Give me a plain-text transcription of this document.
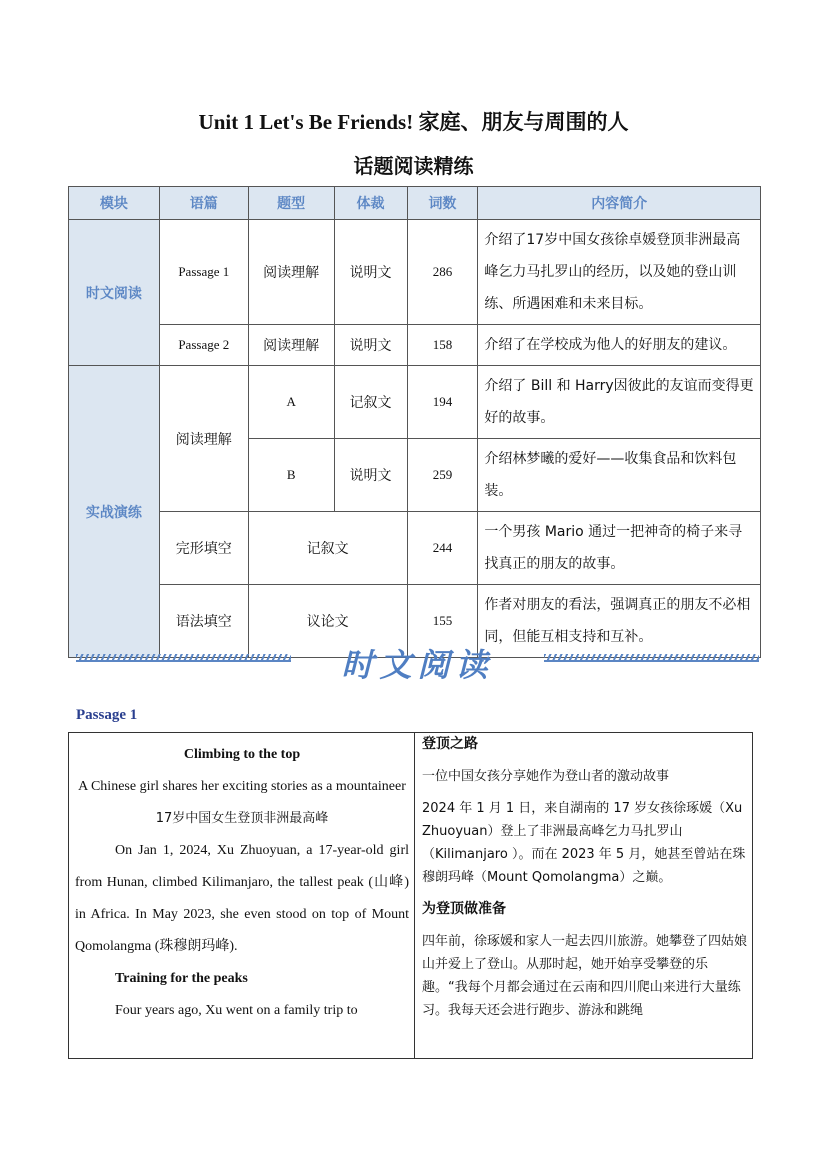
Unit 1 Let's Be Friends! 家庭、朋友与周围的人
话题阅读精练
模块	语篇	题型	体裁	词数	内容简介
时文阅读	Passage 1	阅读理解	说明文	286	介绍了17岁中国女孩徐卓媛登顶非洲最高峰乞力马扎罗山的经历，以及她的登山训练、所遇困难和未来目标。
	Passage 2	阅读理解	说明文	158	介绍了在学校成为他人的好朋友的建议。
实战演练	阅读理解	A	记叙文	194	介绍了 Bill 和 Harry因彼此的友谊而变得更好的故事。
		B	说明文	259	介绍林梦曦的爱好——收集食品和饮料包装。
	完形填空	记叙文		244	一个男孩 Mario 通过一把神奇的椅子来寻找真正的朋友的故事。
	语法填空	议论文		155	作者对朋友的看法，强调真正的朋友不必相同，但能互相支持和互补。
时文阅读
Passage 1
Climbing to the top
A Chinese girl shares her exciting stories as a mountaineer
17岁中国女生登顶非洲最高峰
On Jan 1, 2024, Xu Zhuoyuan, a 17-year-old girl from Hunan, climbed Kilimanjaro, the tallest peak (山峰) in Africa. In May 2023, she even stood on top of Mount Qomolangma (珠穆朗玛峰).
Training for the peaks
Four years ago, Xu went on a family trip to

登顶之路

一位中国女孩分享她作为登山者的激动故事

2024 年 1 月 1 日，来自湖南的 17 岁女孩徐琢媛（Xu Zhuoyuan）登上了非洲最高峰乞力马扎罗山（Kilimanjaro ）。而在 2023 年 5 月，她甚至曾站在珠穆朗玛峰（Mount Qomolangma）之巅。

为登顶做准备

四年前，徐琢媛和家人一起去四川旅游。她攀登了四姑娘山并爱上了登山。从那时起，她开始享受攀登的乐趣。“我每个月都会通过在云南和四川爬山来进行大量练习。我每天还会进行跑步、游泳和跳绳
